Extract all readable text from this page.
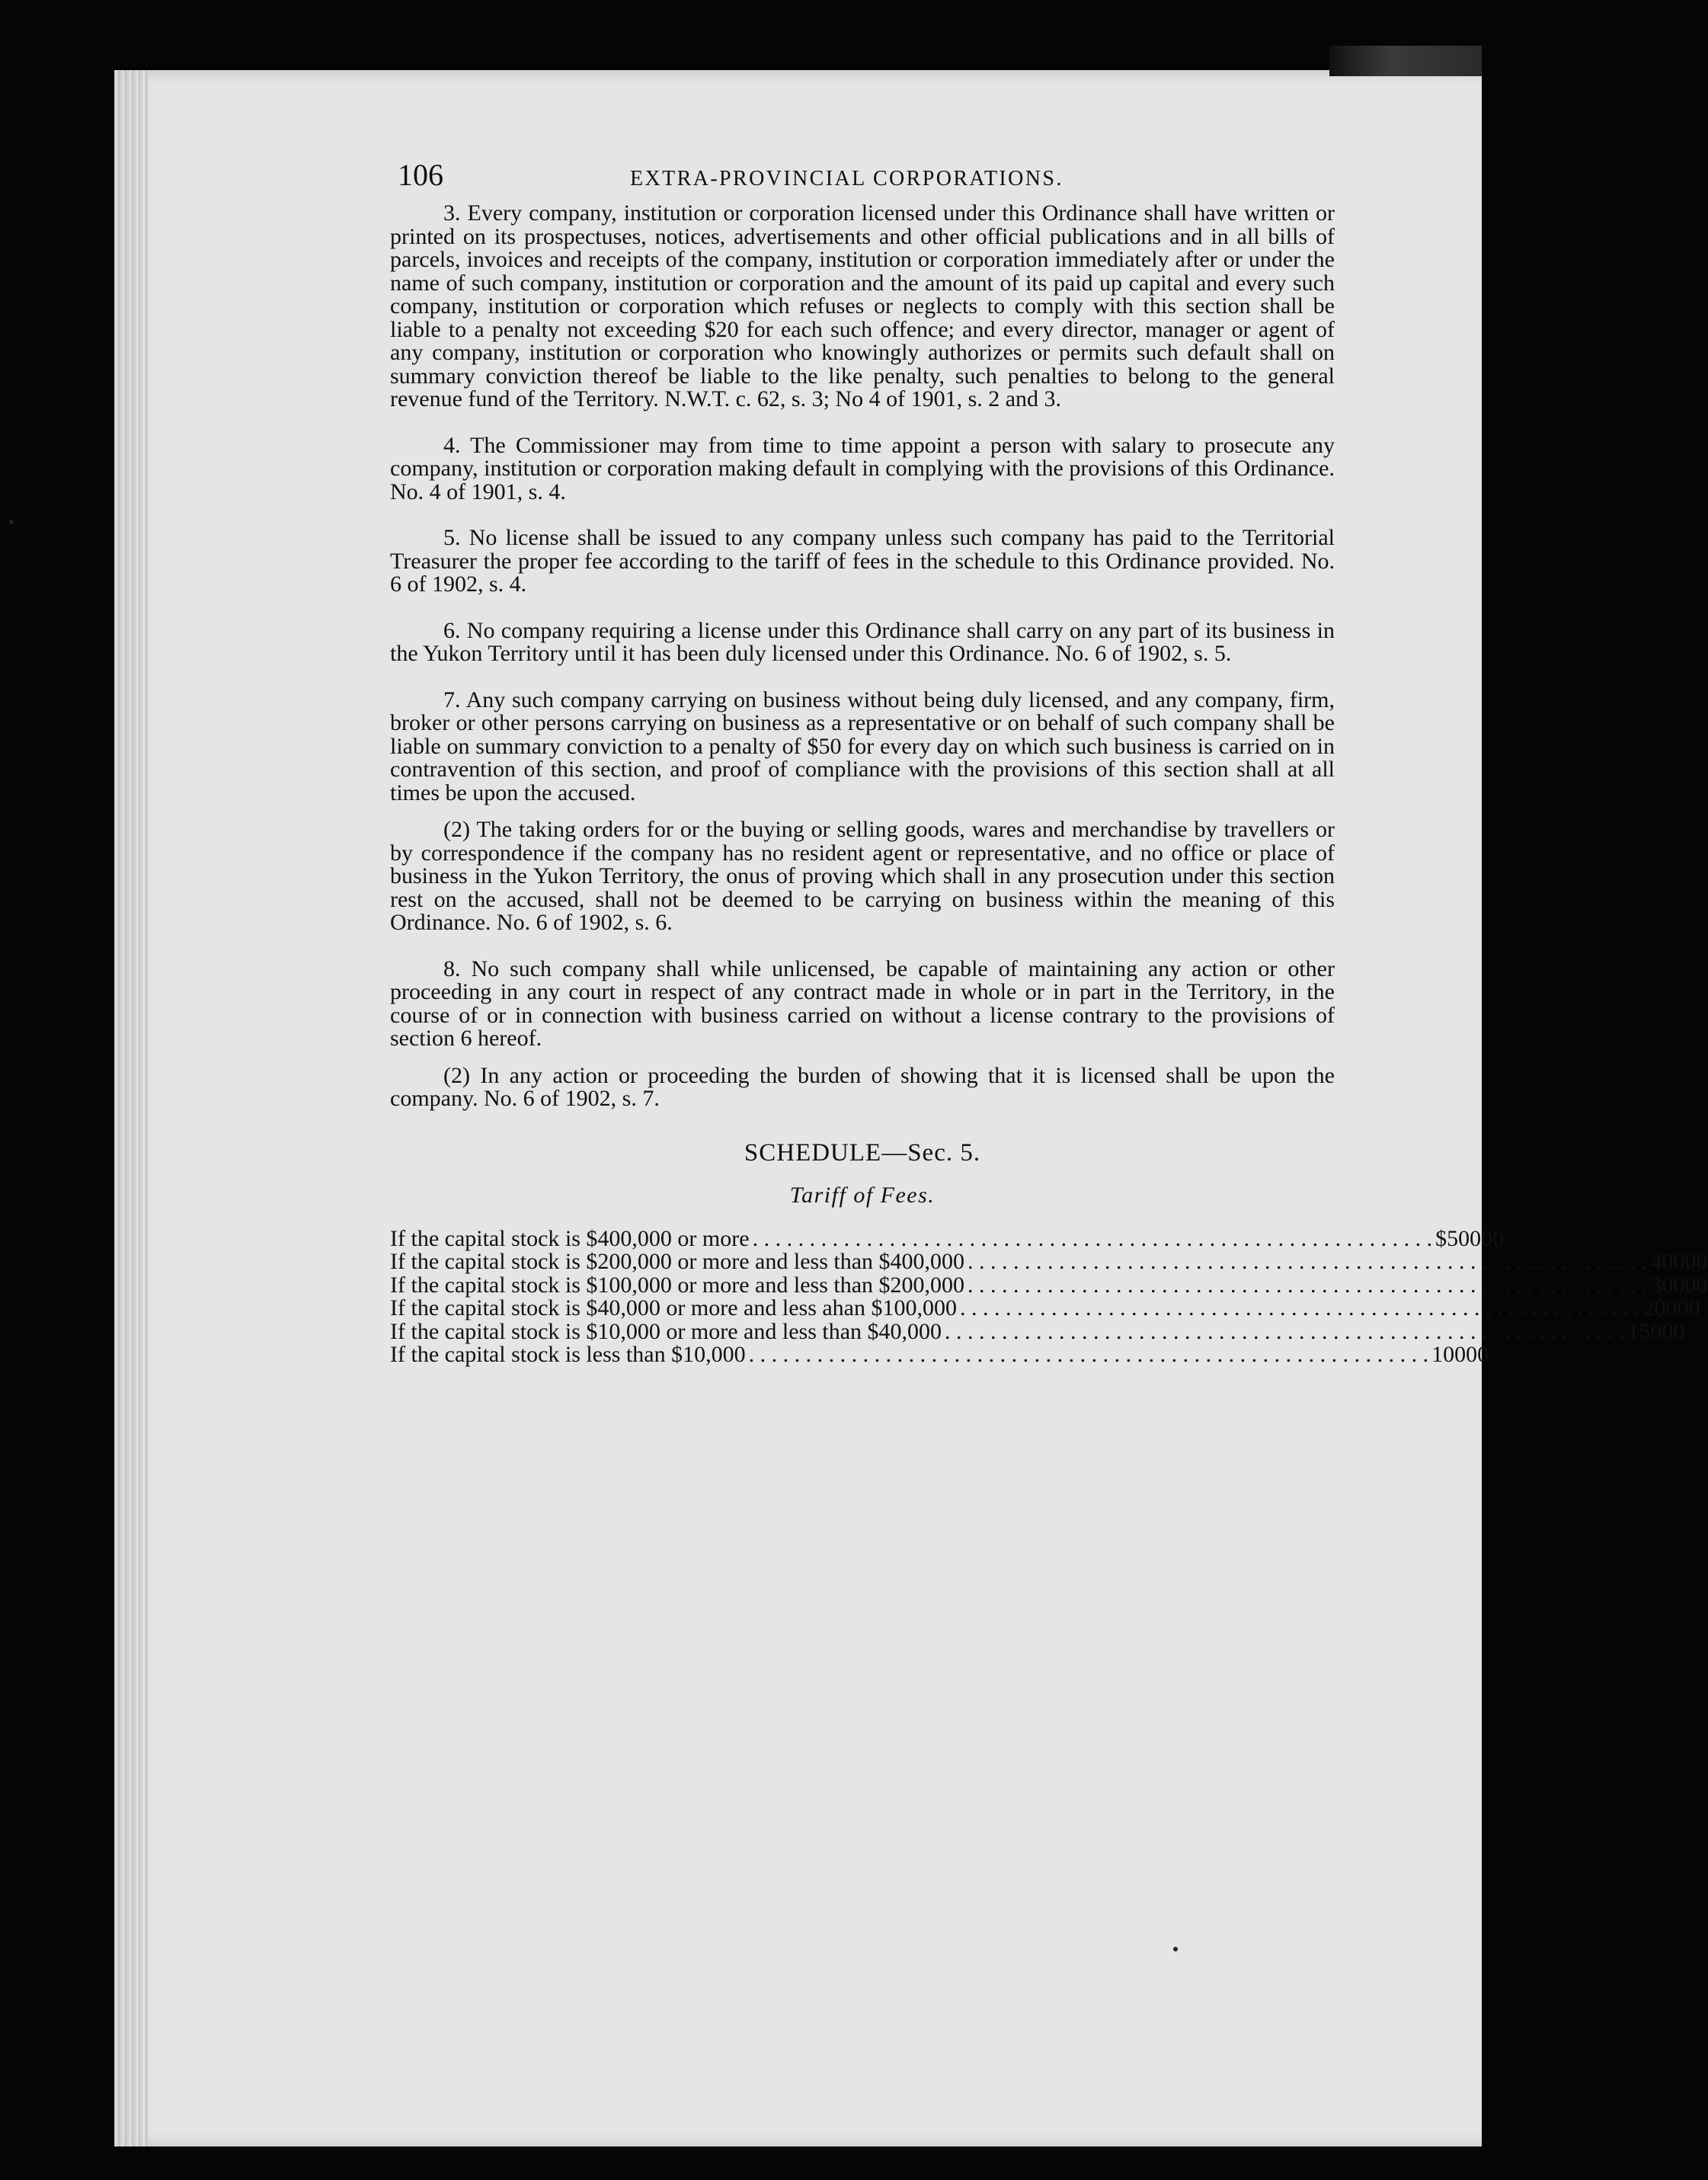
106	EXTRA-PROVINCIAL CORPORATIONS.

3. Every company, institution or corporation licensed under this Ordinance shall have written or printed on its prospectuses, notices, advertisements and other official publications and in all bills of parcels, invoices and receipts of the company, institution or corporation immediately after or under the name of such company, institution or corporation and the amount of its paid up capital and every such company, institution or corporation which refuses or neglects to comply with this section shall be liable to a penalty not exceeding $20 for each such offence; and every director, manager or agent of any company, institution or corporation who knowingly authorizes or permits such default shall on summary conviction thereof be liable to the like penalty, such penalties to belong to the general revenue fund of the Territory. N.W.T. c. 62, s. 3; No 4 of 1901, s. 2 and 3.

4. The Commissioner may from time to time appoint a person with salary to prosecute any company, institution or corporation making default in complying with the provisions of this Ordinance. No. 4 of 1901, s. 4.

5. No license shall be issued to any company unless such company has paid to the Territorial Treasurer the proper fee according to the tariff of fees in the schedule to this Ordinance provided. No. 6 of 1902, s. 4.

6. No company requiring a license under this Ordinance shall carry on any part of its business in the Yukon Territory until it has been duly licensed under this Ordinance. No. 6 of 1902, s. 5.

7. Any such company carrying on business without being duly licensed, and any company, firm, broker or other persons carrying on business as a representative or on behalf of such company shall be liable on summary conviction to a penalty of $50 for every day on which such business is carried on in contravention of this section, and proof of compliance with the provisions of this section shall at all times be upon the accused.

(2) The taking orders for or the buying or selling goods, wares and merchandise by travellers or by correspondence if the company has no resident agent or representative, and no office or place of business in the Yukon Territory, the onus of proving which shall in any prosecution under this section rest on the accused, shall not be deemed to be carrying on business within the meaning of this Ordinance. No. 6 of 1902, s. 6.

8. No such company shall while unlicensed, be capable of maintaining any action or other proceeding in any court in respect of any contract made in whole or in part in the Territory, in the course of or in connection with business carried on without a license contrary to the provisions of section 6 hereof.

(2) In any action or proceeding the burden of showing that it is licensed shall be upon the company. No. 6 of 1902, s. 7.

SCHEDULE—Sec. 5.
Tariff of Fees.
If the capital stock is $400,000 or more . . . . . . . . . . . . . . . . . . . . . . . . . . . . . . . . . . . . . . . . . . . . . . . . . . . . . . . . . . . . $500 00
If the capital stock is $200,000 or more and less than $400,000 . . . . . . . . . . . . . . . . . . . . . . . . . . . . . . . . . . . . . . . . . . . . . . . . . . . . . . . . . . . . 400 00
If the capital stock is $100,000 or more and less than $200,000 . . . . . . . . . . . . . . . . . . . . . . . . . . . . . . . . . . . . . . . . . . . . . . . . . . . . . . . . . . . . 300 00
If the capital stock is $40,000 or more and less ahan $100,000 . . . . . . . . . . . . . . . . . . . . . . . . . . . . . . . . . . . . . . . . . . . . . . . . . . . . . . . . . . . . 200 00
If the capital stock is $10,000 or more and less than $40,000 . . . . . . . . . . . . . . . . . . . . . . . . . . . . . . . . . . . . . . . . . . . . . . . . . . . . . . . . . . . . 150 00
If the capital stock is less than $10,000 . . . . . . . . . . . . . . . . . . . . . . . . . . . . . . . . . . . . . . . . . . . . . . . . . . . . . . . . . . . . 100 00
